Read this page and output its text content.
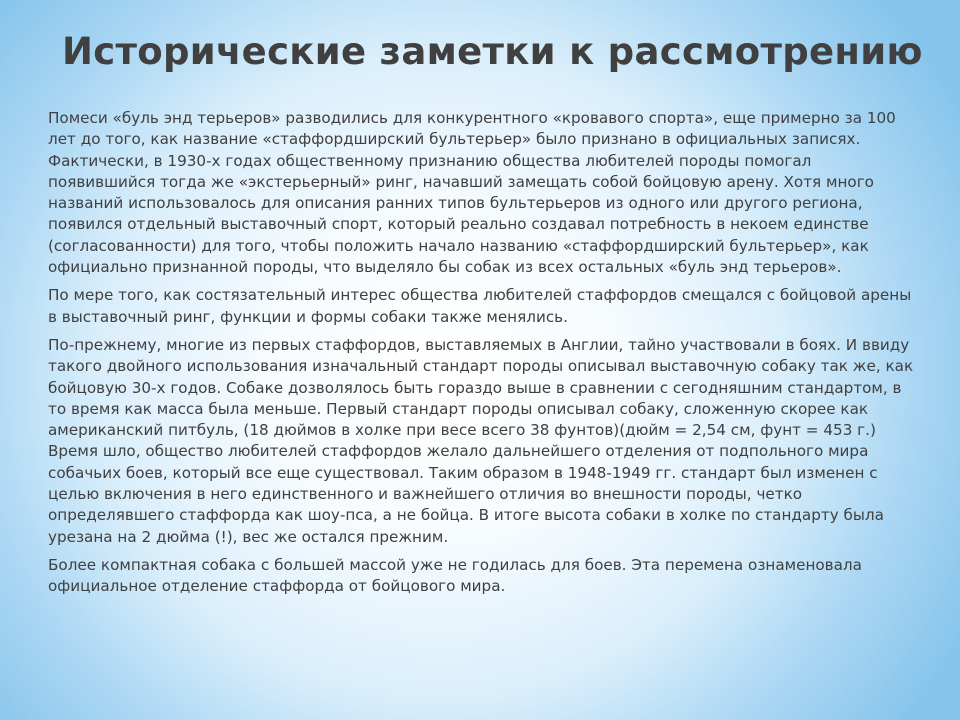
Исторические заметки к рассмотрению

Помеси «буль энд терьеров» разводились для конкурентного «кровавого спорта», еще примерно за 100 лет до того, как название «стаффордширский бультерьер» было признано в официальных записях. Фактически, в 1930-х годах общественному признанию общества любителей породы помогал появившийся тогда же «экстерьерный» ринг, начавший замещать собой бойцовую арену. Хотя много названий использовалось для описания ранних типов бультерьеров из одного или другого региона, появился отдельный выставочный спорт, который реально создавал потребность в некоем единстве (согласованности) для того, чтобы положить начало названию «стаффордширский бультерьер», как официально признанной породы, что выделяло бы собак из всех остальных «буль энд терьеров».

По мере того, как состязательный интерес общества любителей стаффордов смещался с бойцовой арены в выставочный ринг, функции и формы собаки также менялись.

По-прежнему, многие из первых стаффордов, выставляемых в Англии, тайно участвовали в боях. И ввиду такого двойного использования изначальный стандарт породы описывал выставочную собаку так же, как бойцовую 30-х годов. Собаке дозволялось быть гораздо выше в сравнении с сегодняшним стандартом, в то время как масса была меньше. Первый стандарт породы описывал собаку, сложенную скорее как американский питбуль, (18 дюймов в холке при весе всего 38 фунтов)(дюйм = 2,54 см, фунт = 453 г.) Время шло, общество любителей стаффордов желало дальнейшего отделения от подпольного мира собачьих боев, который все еще существовал. Таким образом в 1948-1949 гг. стандарт был изменен с целью включения в него единственного и важнейшего отличия во внешности породы, четко определявшего стаффорда как шоу-пса, а не бойца. В итоге высота собаки в холке по стандарту была урезана на 2 дюйма (!), вес же остался прежним.

Более компактная собака с большей массой уже не годилась для боев. Эта перемена ознаменовала официальное отделение стаффорда от бойцового мира.
